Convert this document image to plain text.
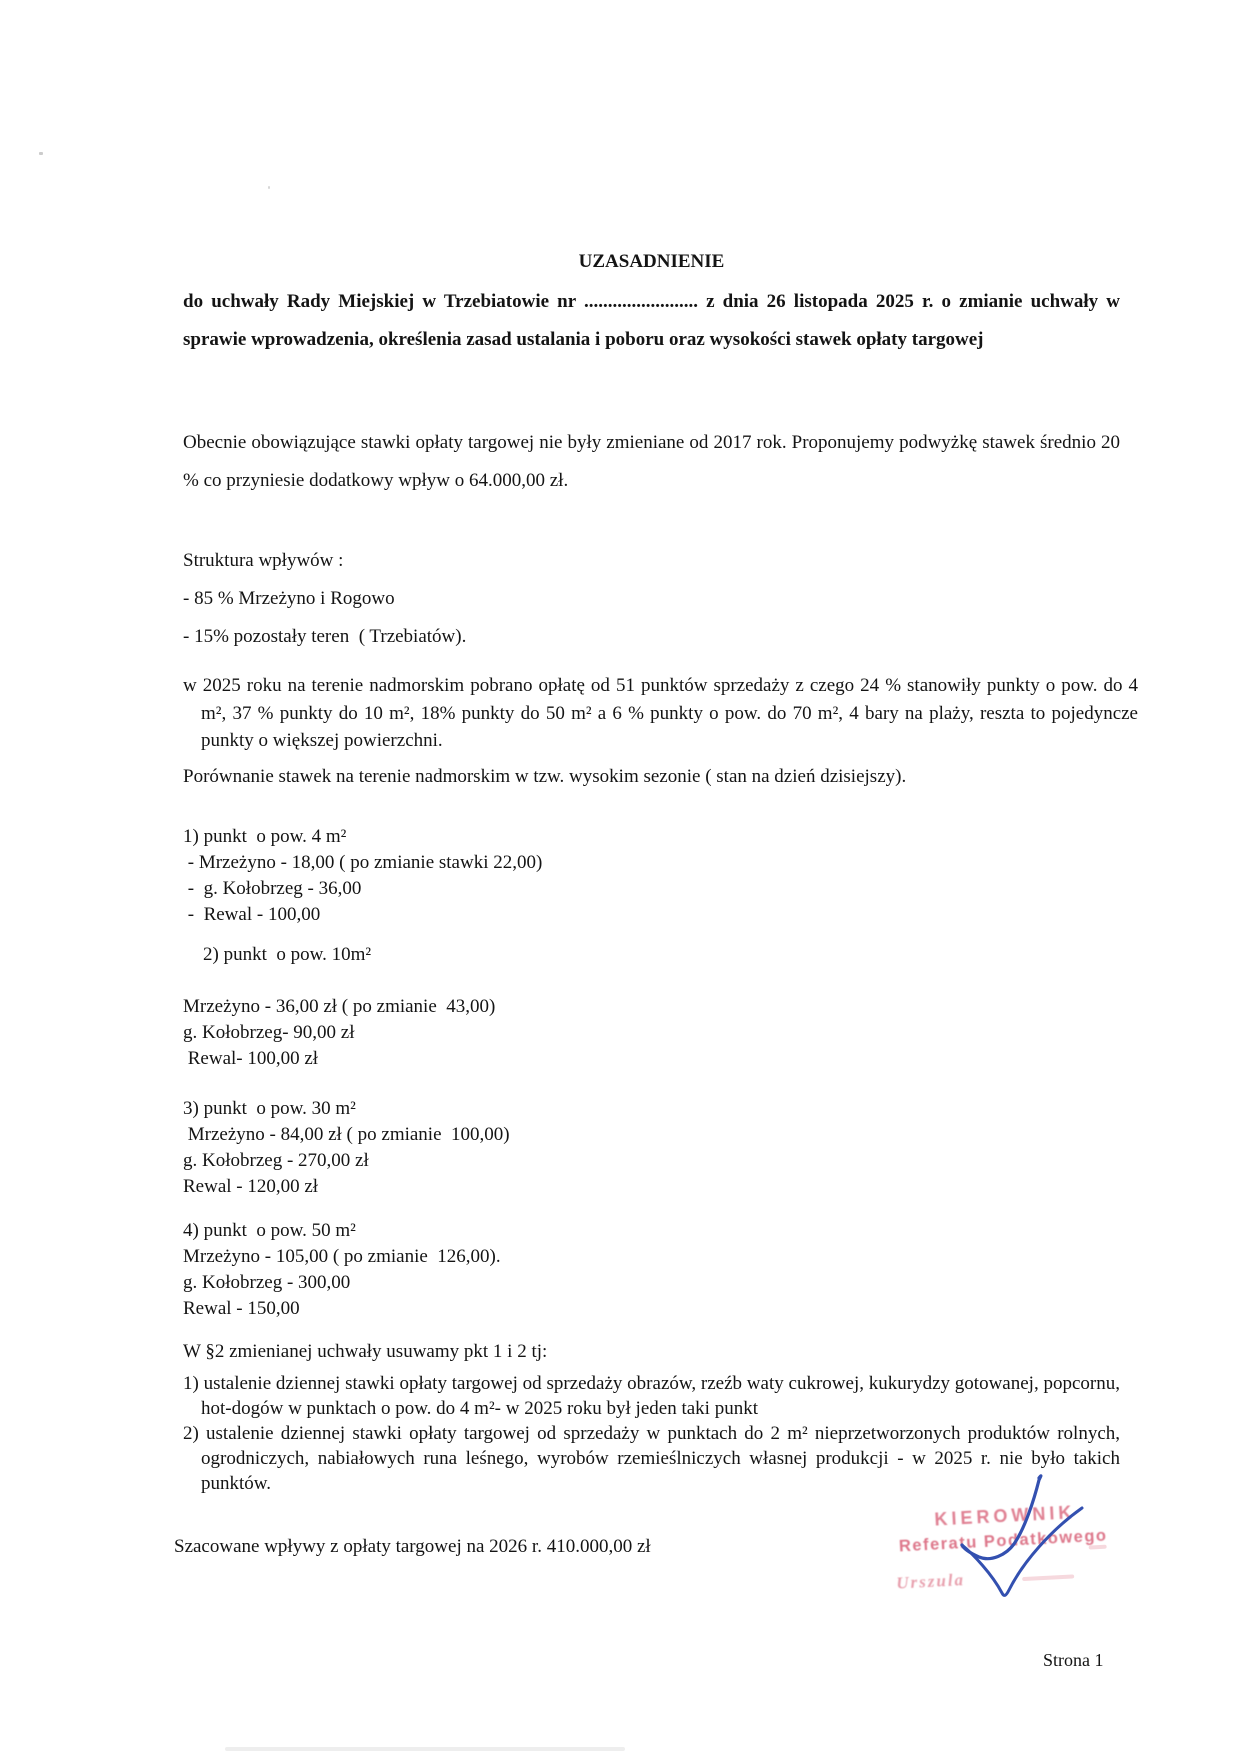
UZASADNIENIE
do uchwały Rady Miejskiej w Trzebiatowie nr ........................ z dnia 26 listopada 2025 r. o zmianie uchwały w sprawie wprowadzenia, określenia zasad ustalania i poboru oraz wysokości stawek opłaty targowej
Obecnie obowiązujące stawki opłaty targowej nie były zmieniane od 2017 rok. Proponujemy podwyżkę stawek średnio 20 % co przyniesie dodatkowy wpływ o 64.000,00 zł.
Struktura wpływów :
- 85 % Mrzeżyno i Rogowo
- 15% pozostały teren  ( Trzebiatów).
w 2025 roku na terenie nadmorskim pobrano opłatę od 51 punktów sprzedaży z czego 24 % stanowiły punkty o pow. do 4 m², 37 % punkty do 10 m², 18% punkty do 50 m² a 6 % punkty o pow. do 70 m², 4 bary na plaży, reszta to pojedyncze punkty o większej powierzchni.
Porównanie stawek na terenie nadmorskim w tzw. wysokim sezonie ( stan na dzień dzisiejszy).
1) punkt  o pow. 4 m²
- Mrzeżyno - 18,00 ( po zmianie stawki 22,00)
-  g. Kołobrzeg - 36,00
-  Rewal - 100,00
2) punkt  o pow. 10m²
Mrzeżyno - 36,00 zł ( po zmianie  43,00)
g. Kołobrzeg- 90,00 zł
Rewal- 100,00 zł
3) punkt  o pow. 30 m²
Mrzeżyno - 84,00 zł ( po zmianie  100,00)
g. Kołobrzeg - 270,00 zł
Rewal - 120,00 zł
4) punkt  o pow. 50 m²
Mrzeżyno - 105,00 ( po zmianie  126,00).
g. Kołobrzeg - 300,00
Rewal - 150,00
W §2 zmienianej uchwały usuwamy pkt 1 i 2 tj:
1) ustalenie dziennej stawki opłaty targowej od sprzedaży obrazów, rzeźb waty cukrowej, kukurydzy gotowanej, popcornu, hot-dogów w punktach o pow. do 4 m²- w 2025 roku był jeden taki punkt
2) ustalenie dziennej stawki opłaty targowej od sprzedaży w punktach do 2 m² nieprzetworzonych produktów rolnych, ogrodniczych, nabiałowych runa leśnego, wyrobów rzemieślniczych własnej produkcji - w 2025 r. nie było takich punktów.
Szacowane wpływy z opłaty targowej na 2026 r. 410.000,00 zł
KIEROWNIK
Referatu Podatkowego
Urszula
Strona 1
